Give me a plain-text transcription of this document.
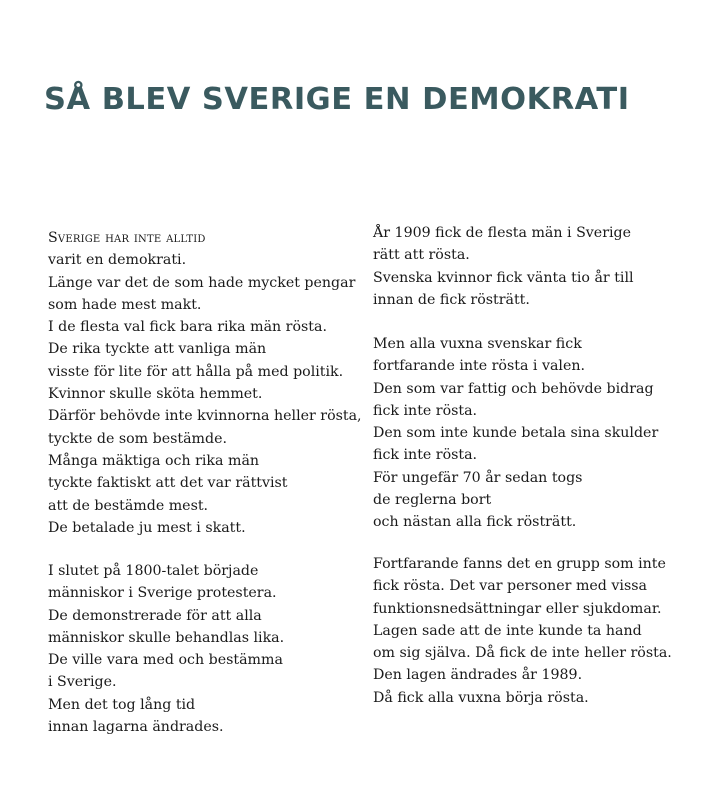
SÅ BLEV SVERIGE EN DEMOKRATI
Sverige har inte alltid
varit en demokrati.
Länge var det de som hade mycket pengar
som hade mest makt.
I de flesta val fick bara rika män rösta.
De rika tyckte att vanliga män
visste för lite för att hålla på med politik.
Kvinnor skulle sköta hemmet.
Därför behövde inte kvinnorna heller rösta,
tyckte de som bestämde.
Många mäktiga och rika män
tyckte faktiskt att det var rättvist
att de bestämde mest.
De betalade ju mest i skatt.
I slutet på 1800-talet började
människor i Sverige protestera.
De demonstrerade för att alla
människor skulle behandlas lika.
De ville vara med och bestämma
i Sverige.
Men det tog lång tid
innan lagarna ändrades.
År 1909 fick de flesta män i Sverige
rätt att rösta.
Svenska kvinnor fick vänta tio år till
innan de fick rösträtt.
Men alla vuxna svenskar fick
fortfarande inte rösta i valen.
Den som var fattig och behövde bidrag
fick inte rösta.
Den som inte kunde betala sina skulder
fick inte rösta.
För ungefär 70 år sedan togs
de reglerna bort
och nästan alla fick rösträtt.
Fortfarande fanns det en grupp som inte
fick rösta. Det var personer med vissa
funktionsnedsättningar eller sjukdomar.
Lagen sade att de inte kunde ta hand
om sig själva. Då fick de inte heller rösta.
Den lagen ändrades år 1989.
Då fick alla vuxna börja rösta.
